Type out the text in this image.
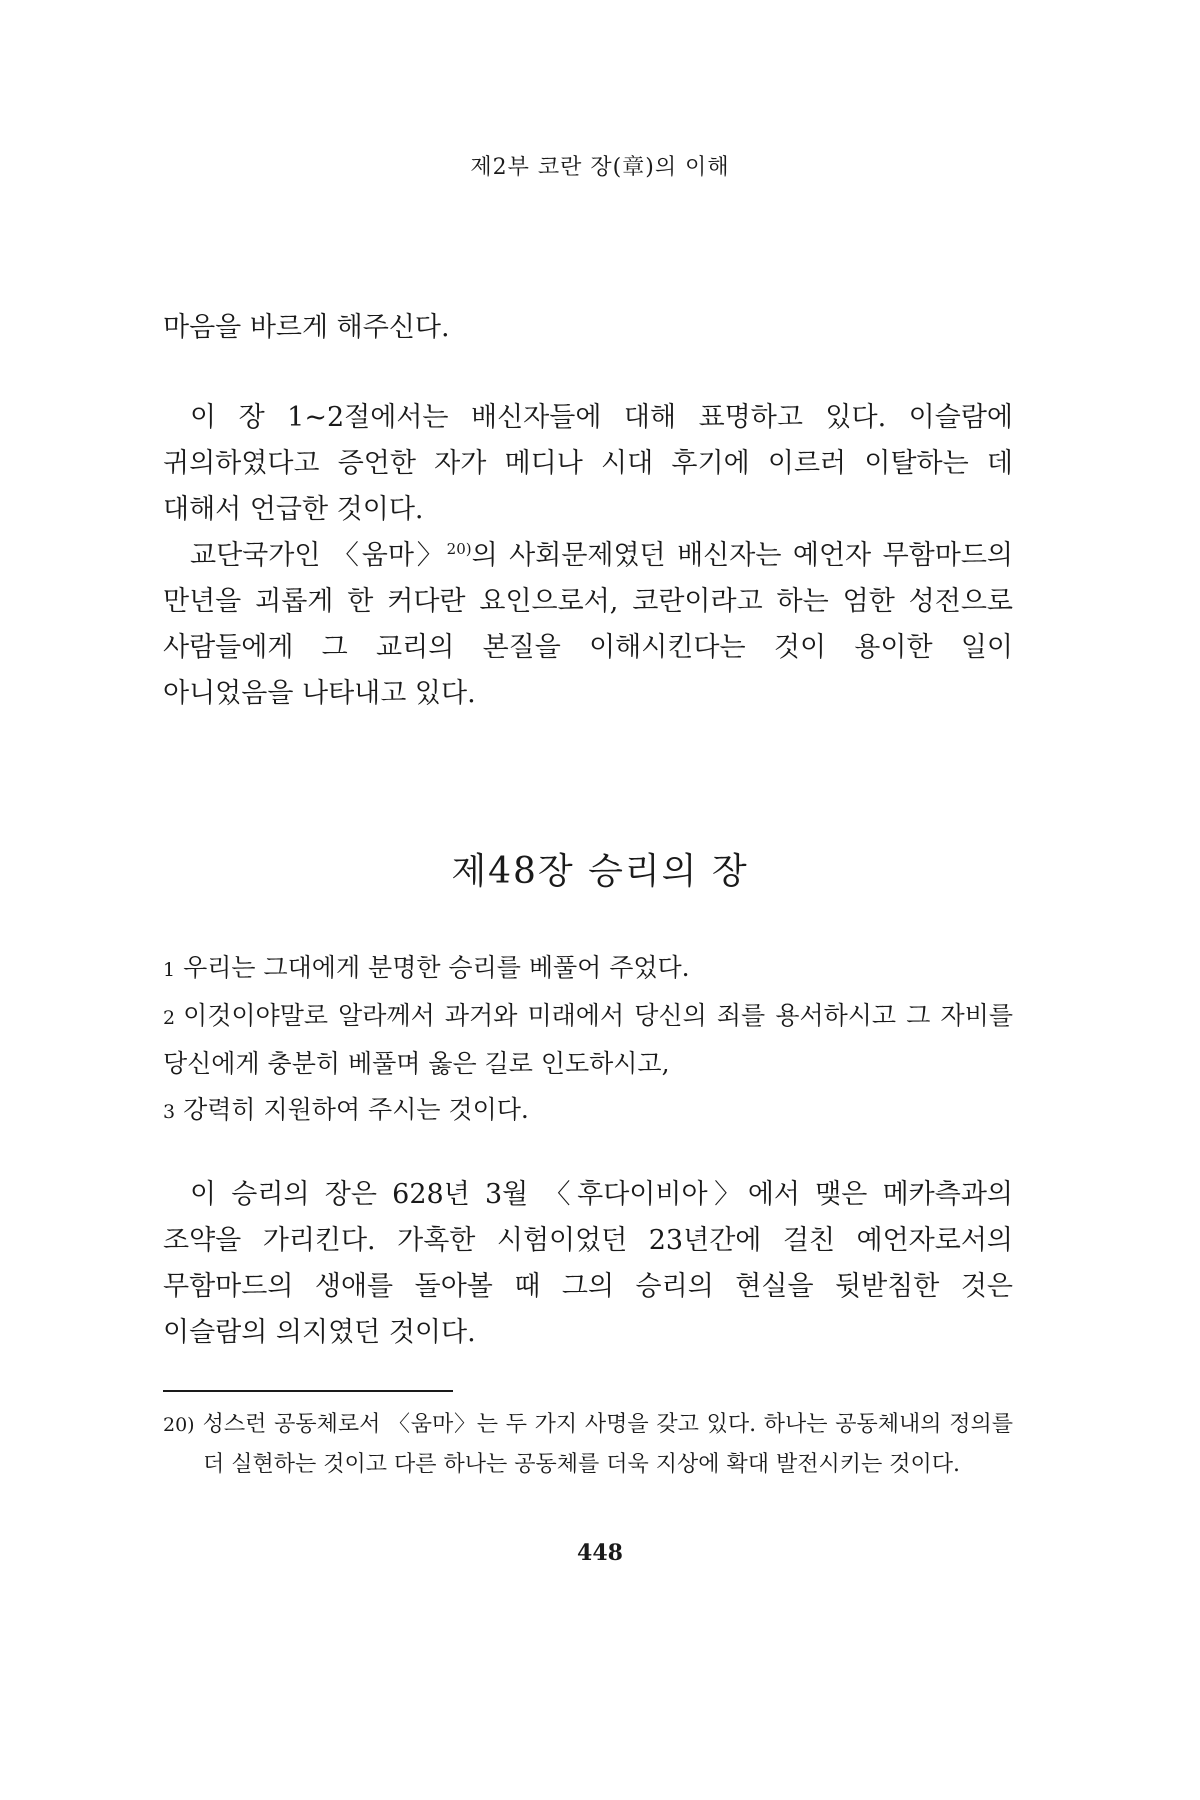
제2부 코란 장(章)의 이해

마음을 바르게 해주신다.

이 장 1~2절에서는 배신자들에 대해 표명하고 있다. 이슬람에 귀의하였다고 증언한 자가 메디나 시대 후기에 이르러 이탈하는 데 대해서 언급한 것이다.

교단국가인 〈움마〉$^{20)}$의 사회문제였던 배신자는 예언자 무함마드의 만년을 괴롭게 한 커다란 요인으로서, 코란이라고 하는 엄한 성전으로 사람들에게 그 교리의 본질을 이해시킨다는 것이 용이한 일이 아니었음을 나타내고 있다.

제48장 승리의 장

1 우리는 그대에게 분명한 승리를 베풀어 주었다.

2 이것이야말로 알라께서 과거와 미래에서 당신의 죄를 용서하시고 그 자비를 당신에게 충분히 베풀며 옳은 길로 인도하시고,

3 강력히 지원하여 주시는 것이다.

이 승리의 장은 628년 3월 〈후다이비아〉에서 맺은 메카측과의 조약을 가리킨다. 가혹한 시험이었던 23년간에 걸친 예언자로서의 무함마드의 생애를 돌아볼 때 그의 승리의 현실을 뒷받침한 것은 이슬람의 의지였던 것이다.

20) 성스런 공동체로서 〈움마〉는 두 가지 사명을 갖고 있다. 하나는 공동체내의 정의를 더 실현하는 것이고 다른 하나는 공동체를 더욱 지상에 확대 발전시키는 것이다.

448
